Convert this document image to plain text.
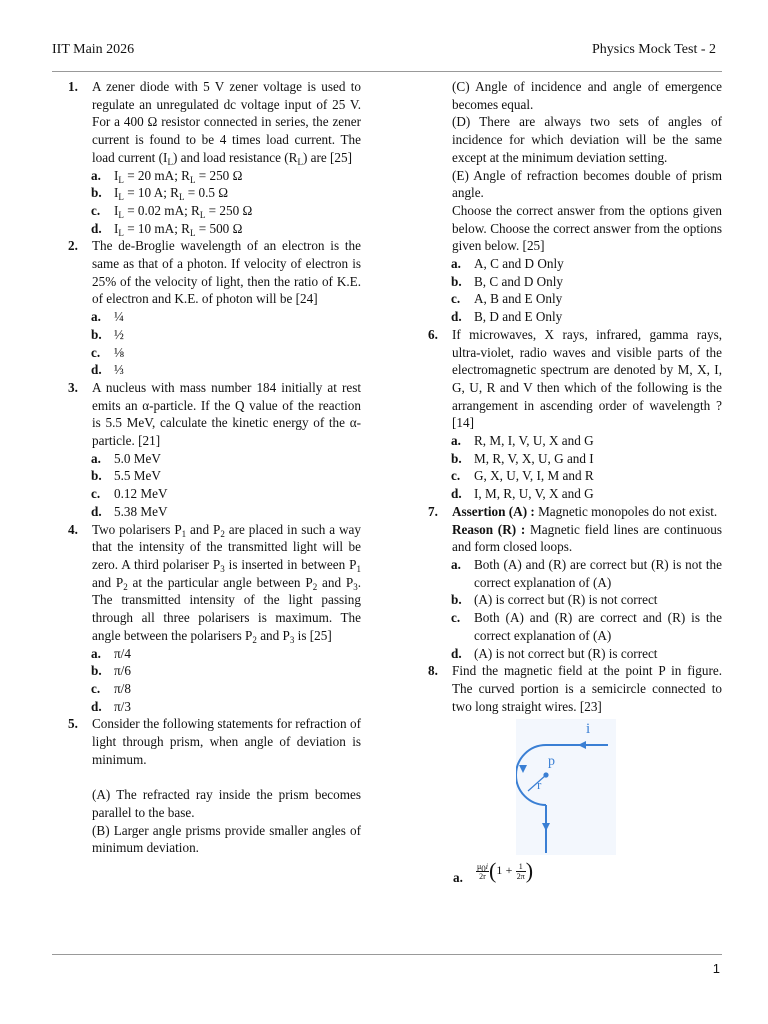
IIT Main 2026	Physics Mock Test - 2
1. A zener diode with 5 V zener voltage is used to regulate an unregulated dc voltage input of 25 V. For a 400 Ω resistor connected in series, the zener current is found to be 4 times load current. The load current $(I_L)$ and load resistance $(R_L)$ are [25]
a. $I_L = 20$ mA; $R_L = 250$ Ω
b. $I_L = 10$ A; $R_L = 0.5$ Ω
c. $I_L = 0.02$ mA; $R_L = 250$ Ω
d. $I_L = 10$ mA; $R_L = 500$ Ω
2. The de-Broglie wavelength of an electron is the same as that of a photon. If velocity of electron is 25% of the velocity of light, then the ratio of K.E. of electron and K.E. of photon will be [24]
a. ¼
b. ½
c. ⅛
d. ⅓
3. A nucleus with mass number 184 initially at rest emits an α-particle. If the Q value of the reaction is 5.5 MeV, calculate the kinetic energy of the α-particle. [21]
a. 5.0 MeV
b. 5.5 MeV
c. 0.12 MeV
d. 5.38 MeV
4. Two polarisers $P_1$ and $P_2$ are placed in such a way that the intensity of the transmitted light will be zero. A third polariser $P_3$ is inserted in between $P_1$ and $P_2$ at the particular angle between $P_2$ and $P_3$. The transmitted intensity of the light passing through all three polarisers is maximum. The angle between the polarisers $P_2$ and $P_3$ is [25]
a. π/4
b. π/6
c. π/8
d. π/3
5. Consider the following statements for refraction of light through prism, when angle of deviation is minimum.
(A) The refracted ray inside the prism becomes parallel to the base.
(B) Larger angle prisms provide smaller angles of minimum deviation.
(C) Angle of incidence and angle of emergence becomes equal.
(D) There are always two sets of angles of incidence for which deviation will be the same except at the minimum deviation setting.
(E) Angle of refraction becomes double of prism angle.
Choose the correct answer from the options given below. Choose the correct answer from the options given below. [25]
a. A, C and D Only
b. B, C and D Only
c. A, B and E Only
d. B, D and E Only
6. If microwaves, X rays, infrared, gamma rays, ultra-violet, radio waves and visible parts of the electromagnetic spectrum are denoted by M, X, I, G, U, R and V then which of the following is the arrangement in ascending order of wavelength ? [14]
a. R, M, I, V, U, X and G
b. M, R, V, X, U, G and I
c. G, X, U, V, I, M and R
d. I, M, R, U, V, X and G
7. Assertion (A) : Magnetic monopoles do not exist.
Reason (R) : Magnetic field lines are continuous and form closed loops.
a. Both (A) and (R) are correct but (R) is not the correct explanation of (A)
b. (A) is correct but (R) is not correct
c. Both (A) and (R) are correct and (R) is the correct explanation of (A)
d. (A) is not correct but (R) is correct
8. Find the magnetic field at the point P in figure. The curved portion is a semicircle connected to two long straight wires. [23]
i
p
r
a. $\frac{\mu_0i}{2r} (1 + \frac{1}{2\pi}$ )
1
